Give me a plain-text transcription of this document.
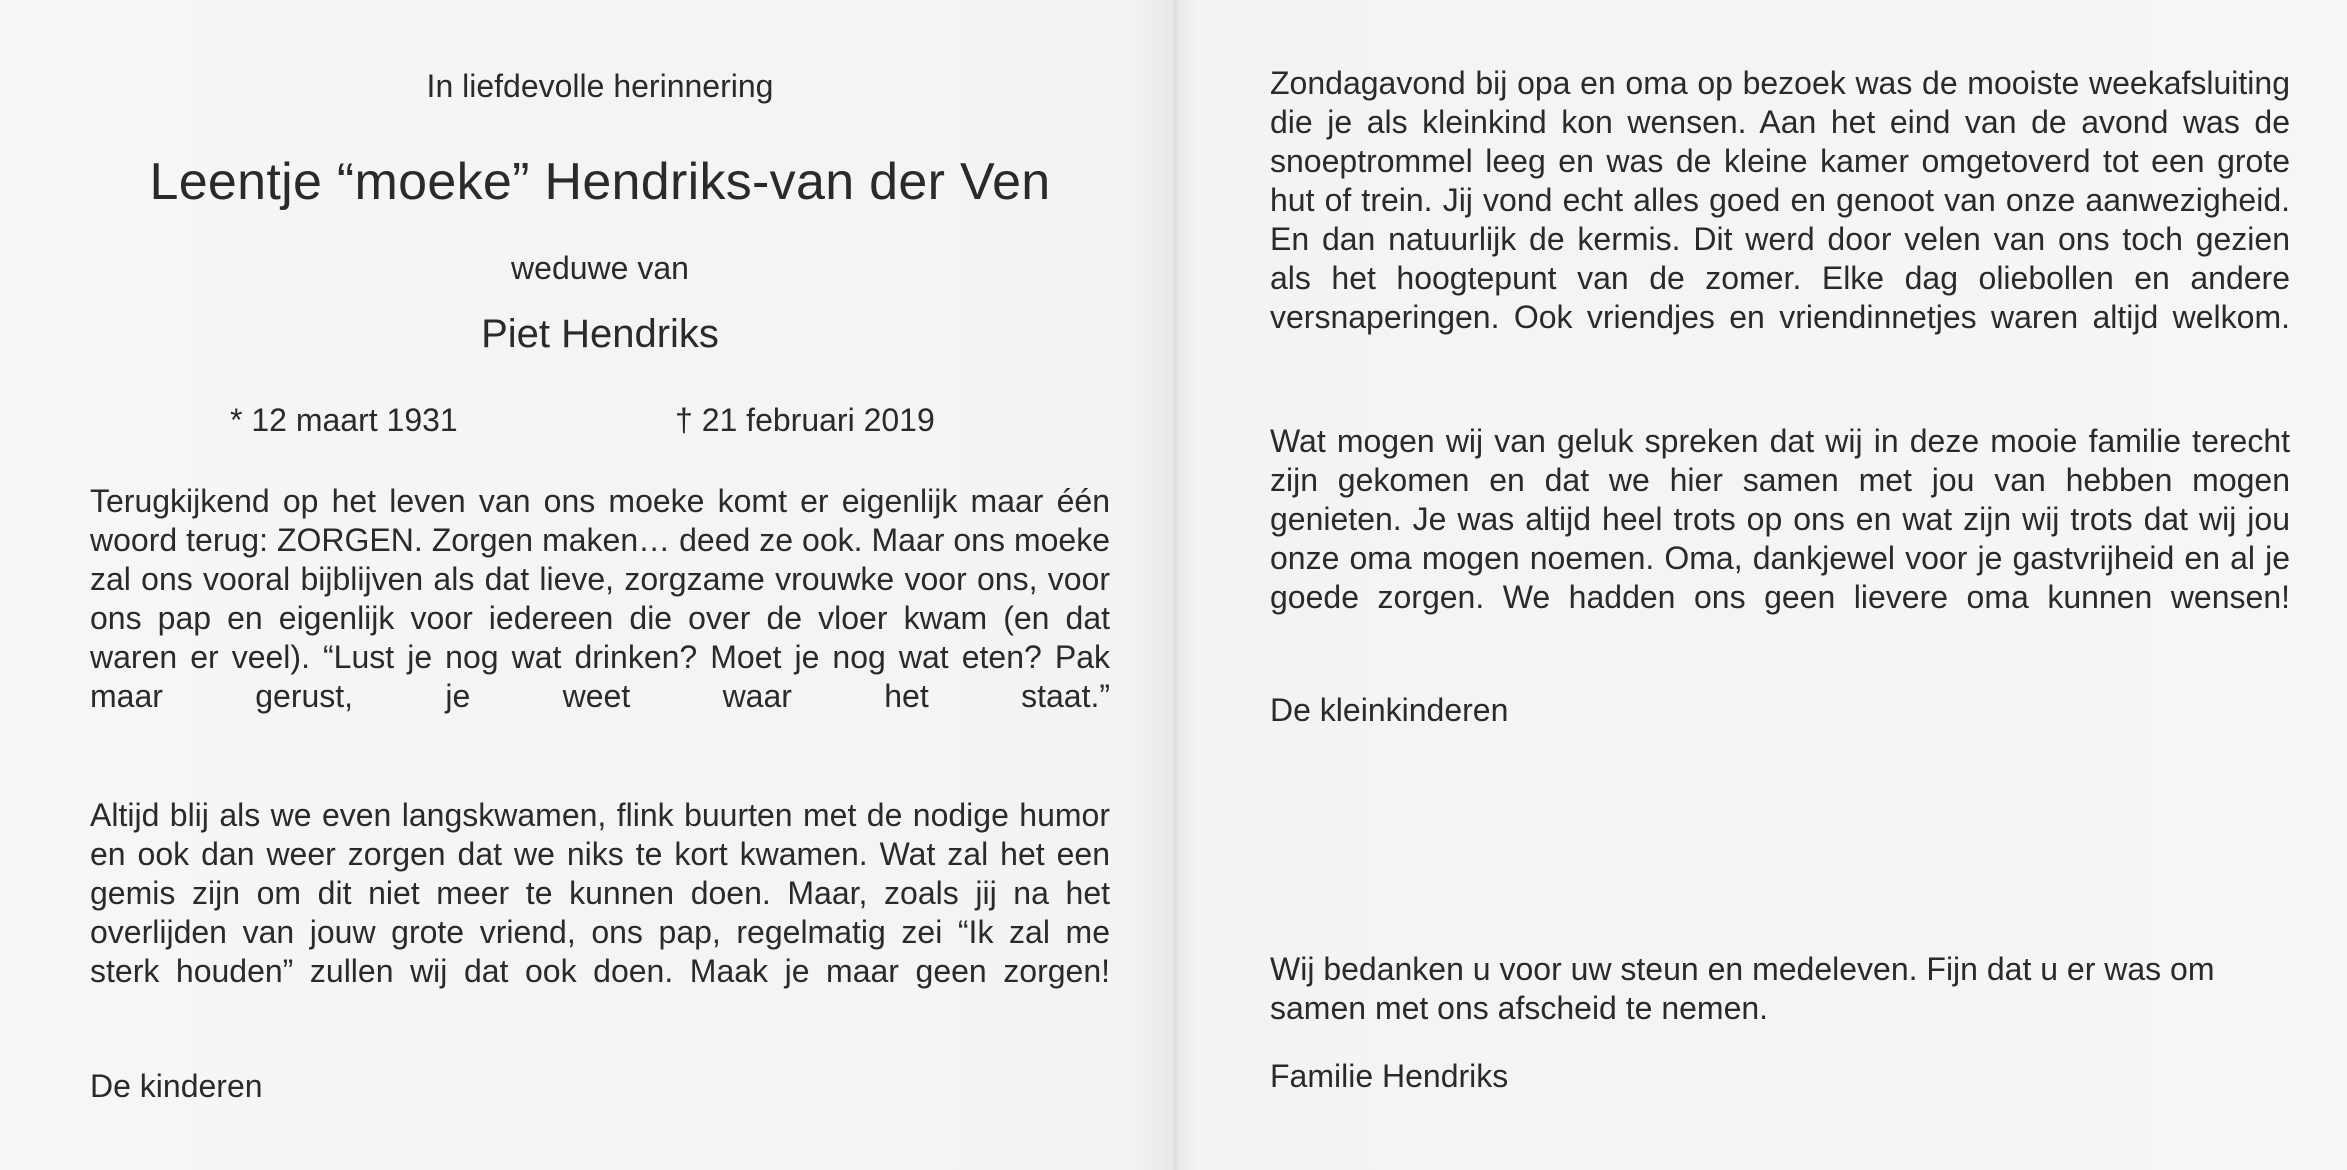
In liefdevolle herinnering
Leentje “moeke” Hendriks-van der Ven
weduwe van
Piet Hendriks
* 12 maart 1931	† 21 februari 2019

Terugkijkend op het leven van ons moeke komt er eigenlijk maar één woord terug: ZORGEN. Zorgen maken… deed ze ook. Maar ons moeke zal ons vooral bijblijven als dat lieve, zorgzame vrouwke voor ons, voor ons pap en eigenlijk voor iedereen die over de vloer kwam (en dat waren er veel). “Lust je nog wat drinken? Moet je nog wat eten? Pak maar gerust, je weet waar het staat.”

Altijd blij als we even langskwamen, flink buurten met de nodige humor en ook dan weer zorgen dat we niks te kort kwamen. Wat zal het een gemis zijn om dit niet meer te kunnen doen. Maar, zoals jij na het overlijden van jouw grote vriend, ons pap, regelmatig zei “Ik zal me sterk houden” zullen wij dat ook doen. Maak je maar geen zorgen!

De kinderen

Zondagavond bij opa en oma op bezoek was de mooiste weekafsluiting die je als kleinkind kon wensen. Aan het eind van de avond was de snoeptrommel leeg en was de kleine kamer omgetoverd tot een grote hut of trein. Jij vond echt alles goed en genoot van onze aanwezigheid. En dan natuurlijk de kermis. Dit werd door velen van ons toch gezien als het hoogtepunt van de zomer. Elke dag oliebollen en andere versnaperingen. Ook vriendjes en vriendinnetjes waren altijd welkom.

Wat mogen wij van geluk spreken dat wij in deze mooie familie terecht zijn gekomen en dat we hier samen met jou van hebben mogen genieten. Je was altijd heel trots op ons en wat zijn wij trots dat wij jou onze oma mogen noemen. Oma, dankjewel voor je gastvrijheid en al je goede zorgen. We hadden ons geen lievere oma kunnen wensen!

De kleinkinderen
Wij bedanken u voor uw steun en medeleven. Fijn dat u er was om samen met ons afscheid te nemen.
Familie Hendriks
